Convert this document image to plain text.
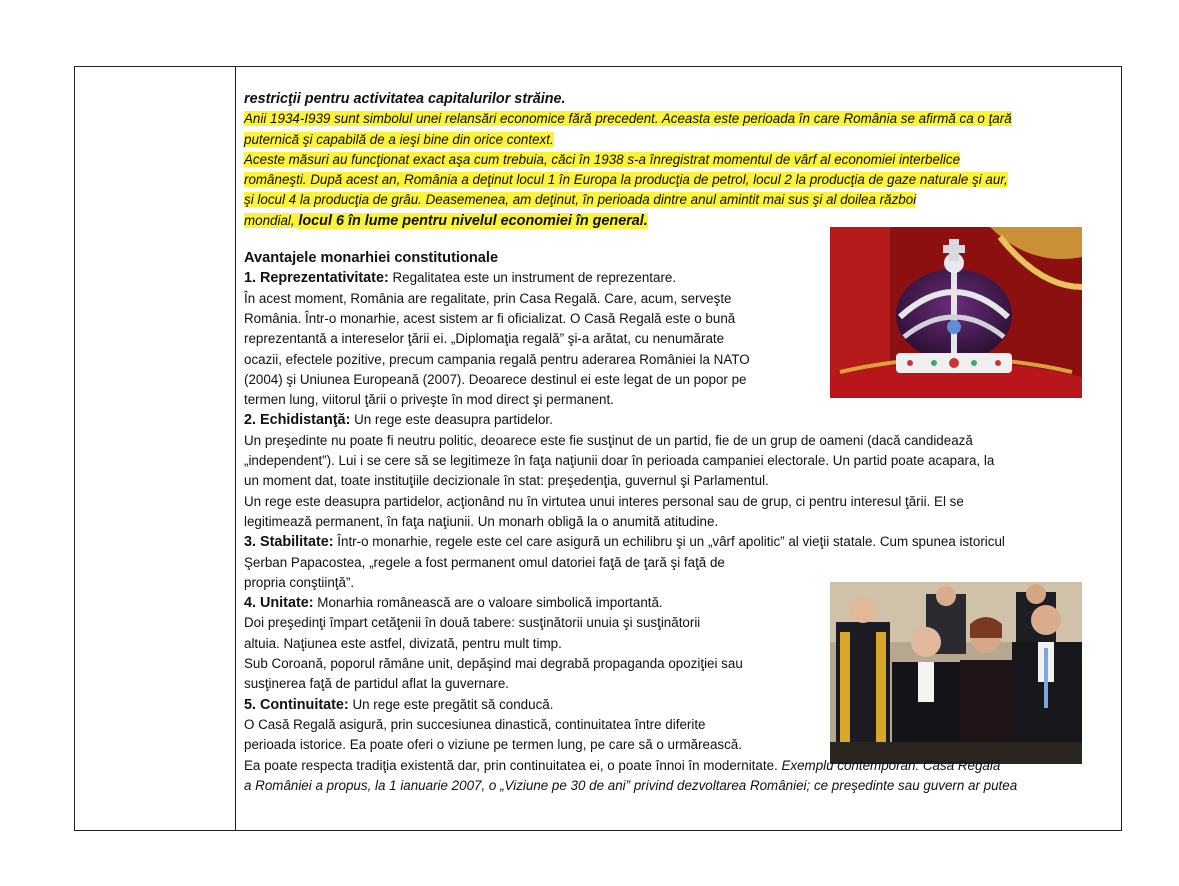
restricţii pentru activitatea capitalurilor străine.

Anii 1934-I939 sunt simbolul unei relansări economice fără precedent. Aceasta este perioada în care România se afirmă ca o ţară

puternică şi capabilă de a ieşi bine din orice context.

Aceste măsuri au funcţionat exact aşa cum trebuia, căci în 1938 s-a înregistrat momentul de vârf al economiei interbelice

româneşti. După acest an, România a deţinut locul 1 în Europa la producţia de petrol, locul 2 la producţia de gaze naturale şi aur,

şi locul 4 la producţia de grâu. Deasemenea, am deţinut, în perioada dintre anul amintit mai sus şi al doilea război

mondial, locul 6 în lume pentru nivelul economiei în general.

Avantajele monarhiei constitutionale

1. Reprezentativitate: Regalitatea este un instrument de reprezentare.

În acest moment, România are regalitate, prin Casa Regală. Care, acum, serveşte

România. Într-o monarhie, acest sistem ar fi oficializat. O Casă Regală este o bună

reprezentantă a intereselor ţării ei. „Diplomaţia regală” şi-a arătat, cu nenumărate

ocazii, efectele pozitive, precum campania regală pentru aderarea României la NATO

(2004) şi Uniunea Europeană (2007). Deoarece destinul ei este legat de un popor pe

termen lung, viitorul ţării o priveşte în mod direct şi permanent.

2. Echidistanţă: Un rege este deasupra partidelor.

Un preşedinte nu poate fi neutru politic, deoarece este fie susţinut de un partid, fie de un grup de oameni (dacă candidează

„independent”). Lui i se cere să se legitimeze în faţa naţiunii doar în perioada campaniei electorale. Un partid poate acapara, la

un moment dat, toate instituţiile decizionale în stat: preşedenţia, guvernul şi Parlamentul.

Un rege este deasupra partidelor, acţionând nu în virtutea unui interes personal sau de grup, ci pentru interesul ţării. El se

legitimează permanent, în faţa naţiunii. Un monarh obligă la o anumită atitudine.

3. Stabilitate: Într-o monarhie, regele este cel care asigură un echilibru şi un „vârf apolitic” al vieţii statale. Cum spunea istoricul

Şerban Papacostea, „regele a fost permanent omul datoriei faţă de ţară şi faţă de

propria conştiinţă”.

4. Unitate: Monarhia românească are o valoare simbolică importantă.

Doi preşedinţi împart cetăţenii în două tabere: susţinătorii unuia şi susţinătorii

altuia. Naţiunea este astfel, divizată, pentru mult timp.

Sub Coroană, poporul rămâne unit, depăşind mai degrabă propaganda opoziţiei sau

susţinerea faţă de partidul aflat la guvernare.

5. Continuitate: Un rege este pregătit să conducă.

O Casă Regală asigură, prin succesiunea dinastică, continuitatea între diferite

perioada istorice. Ea poate oferi o viziune pe termen lung, pe care să o urmărească.

Ea poate respecta tradiţia existentă dar, prin continuitatea ei, o poate înnoi în modernitate. Exemplu contemporan: Casa Regală

a României a propus, la 1 ianuarie 2007, o „Viziune pe 30 de ani” privind dezvoltarea României; ce preşedinte sau guvern ar putea
